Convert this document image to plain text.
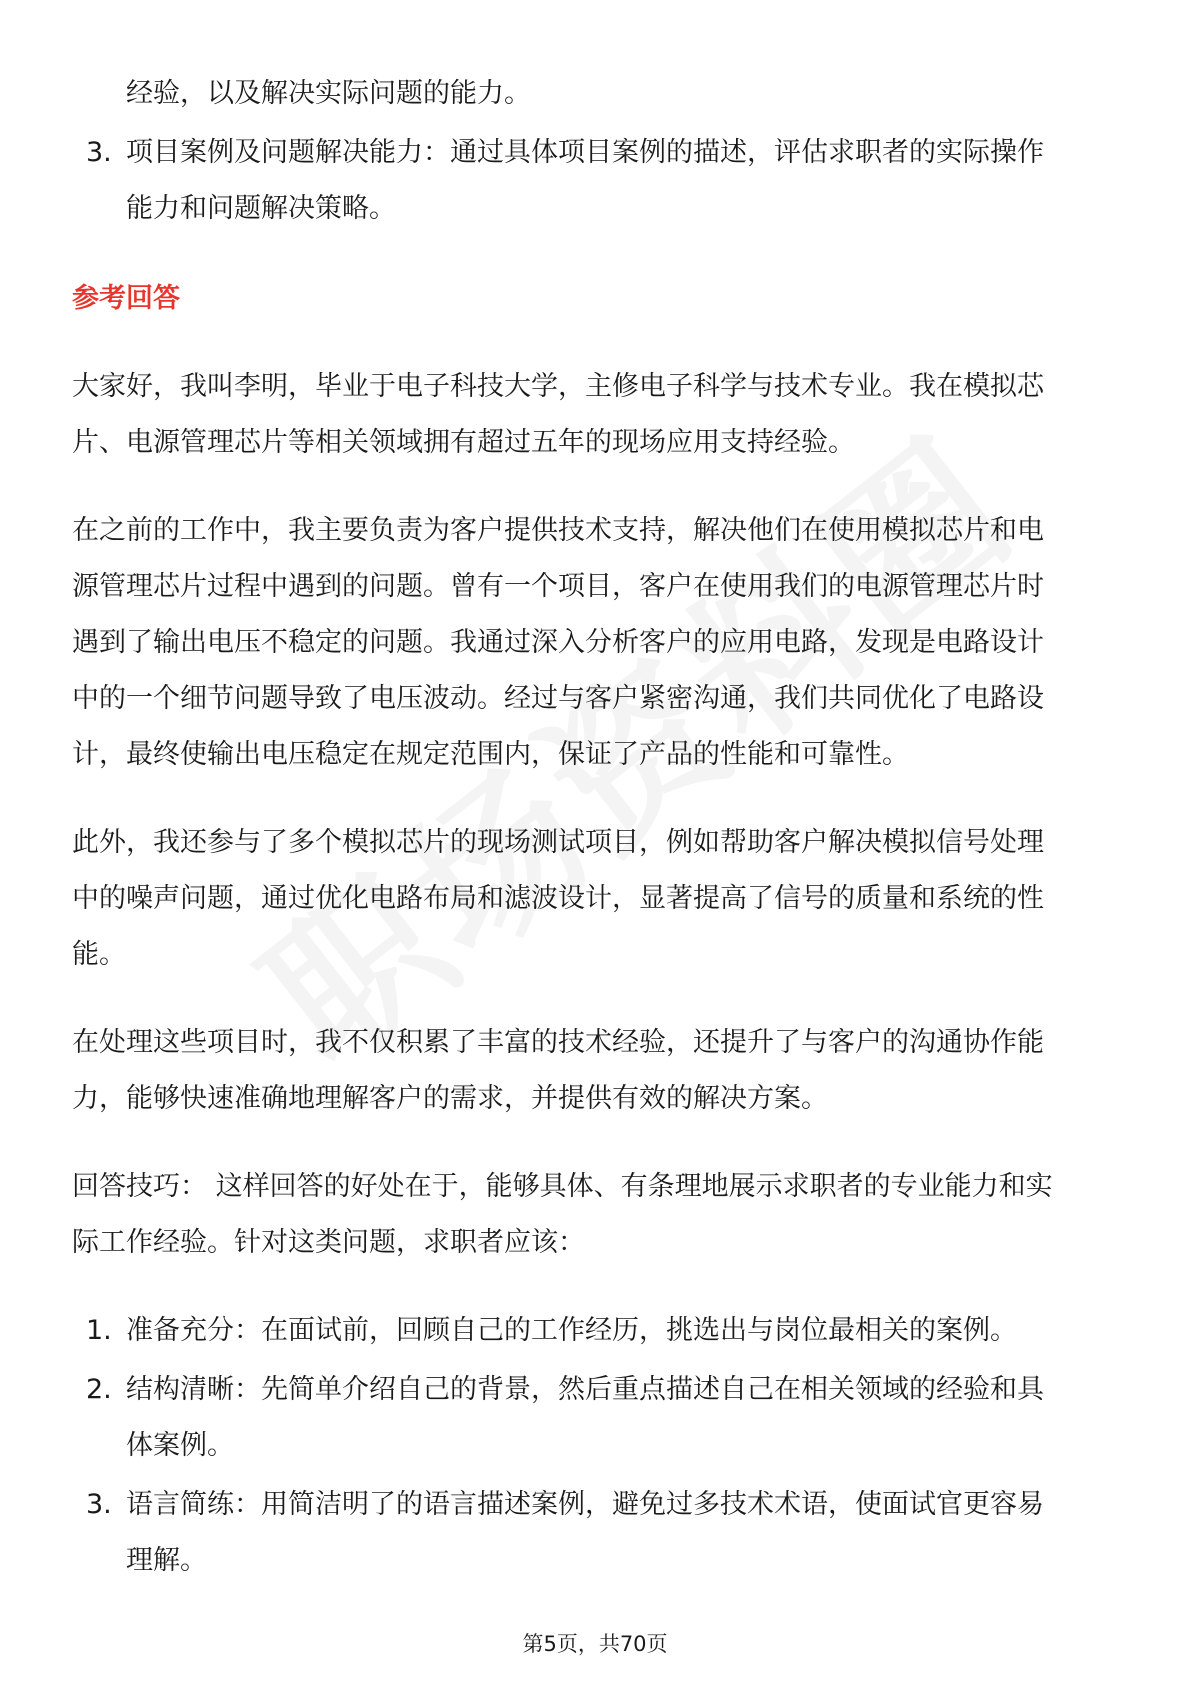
经验，以及解决实际问题的能力。

3. 项目案例及问题解决能力：通过具体项目案例的描述，评估求职者的实际操作

能力和问题解决策略。

参考回答

大家好，我叫李明，毕业于电子科技大学，主修电子科学与技术专业。我在模拟芯

片、电源管理芯片等相关领域拥有超过五年的现场应用支持经验。

在之前的工作中，我主要负责为客户提供技术支持，解决他们在使用模拟芯片和电

源管理芯片过程中遇到的问题。曾有一个项目，客户在使用我们的电源管理芯片时

遇到了输出电压不稳定的问题。我通过深入分析客户的应用电路，发现是电路设计

中的一个细节问题导致了电压波动。经过与客户紧密沟通，我们共同优化了电路设

计，最终使输出电压稳定在规定范围内，保证了产品的性能和可靠性。

此外，我还参与了多个模拟芯片的现场测试项目，例如帮助客户解决模拟信号处理

中的噪声问题，通过优化电路布局和滤波设计，显著提高了信号的质量和系统的性

能。

在处理这些项目时，我不仅积累了丰富的技术经验，还提升了与客户的沟通协作能

力，能够快速准确地理解客户的需求，并提供有效的解决方案。

回答技巧： 这样回答的好处在于，能够具体、有条理地展示求职者的专业能力和实

际工作经验。针对这类问题，求职者应该：

1. 准备充分：在面试前，回顾自己的工作经历，挑选出与岗位最相关的案例。

2. 结构清晰：先简单介绍自己的背景，然后重点描述自己在相关领域的经验和具

体案例。

3. 语言简练：用简洁明了的语言描述案例，避免过多技术术语，使面试官更容易

理解。

第5页，共70页
